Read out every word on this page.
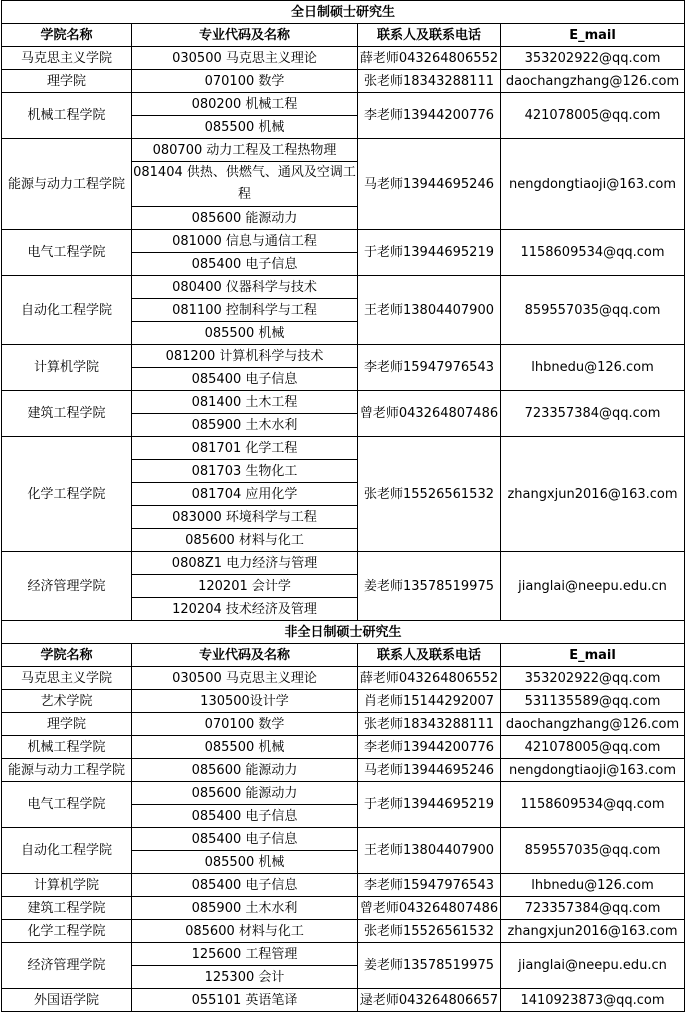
全日制硕士研究生			
学院名称	专业代码及名称	联系人及联系电话	E_mail
马克思主义学院	030500 马克思主义理论	薛老师043264806552	353202922@qq.com
理学院	070100 数学	张老师18343288111	daochangzhang@126.com
机械工程学院	080200 机械工程	李老师13944200776	421078005@qq.com
	085500 机械		
能源与动力工程学院	080700 动力工程及工程热物理	马老师13944695246	nengdongtiaoji@163.com
	081404 供热、供燃气、通风及空调工程		
	085600 能源动力		
电气工程学院	081000 信息与通信工程	于老师13944695219	1158609534@qq.com
	085400 电子信息		
自动化工程学院	080400 仪器科学与技术	王老师13804407900	859557035@qq.com
	081100 控制科学与工程		
	085500 机械		
计算机学院	081200 计算机科学与技术	李老师15947976543	lhbnedu@126.com
	085400 电子信息		
建筑工程学院	081400 土木工程	曾老师043264807486	723357384@qq.com
	085900 土木水利		
化学工程学院	081701 化学工程	张老师15526561532	zhangxjun2016@163.com
	081703 生物化工		
	081704 应用化学		
	083000 环境科学与工程		
	085600 材料与化工		
经济管理学院	0808Z1 电力经济与管理	姜老师13578519975	jianglai@neepu.edu.cn
	120201 会计学		
	120204 技术经济及管理		
非全日制硕士研究生			
学院名称	专业代码及名称	联系人及联系电话	E_mail
马克思主义学院	030500 马克思主义理论	薛老师043264806552	353202922@qq.com
艺术学院	130500设计学	肖老师15144292007	531135589@qq.com
理学院	070100 数学	张老师18343288111	daochangzhang@126.com
机械工程学院	085500 机械	李老师13944200776	421078005@qq.com
能源与动力工程学院	085600 能源动力	马老师13944695246	nengdongtiaoji@163.com
电气工程学院	085600 能源动力	于老师13944695219	1158609534@qq.com
	085400 电子信息		
自动化工程学院	085400 电子信息	王老师13804407900	859557035@qq.com
	085500 机械		
计算机学院	085400 电子信息	李老师15947976543	lhbnedu@126.com
建筑工程学院	085900 土木水利	曾老师043264807486	723357384@qq.com
化学工程学院	085600 材料与化工	张老师15526561532	zhangxjun2016@163.com
经济管理学院	125600 工程管理	姜老师13578519975	jianglai@neepu.edu.cn
	125300 会计		
外国语学院	055101 英语笔译	逯老师043264806657	1410923873@qq.com
